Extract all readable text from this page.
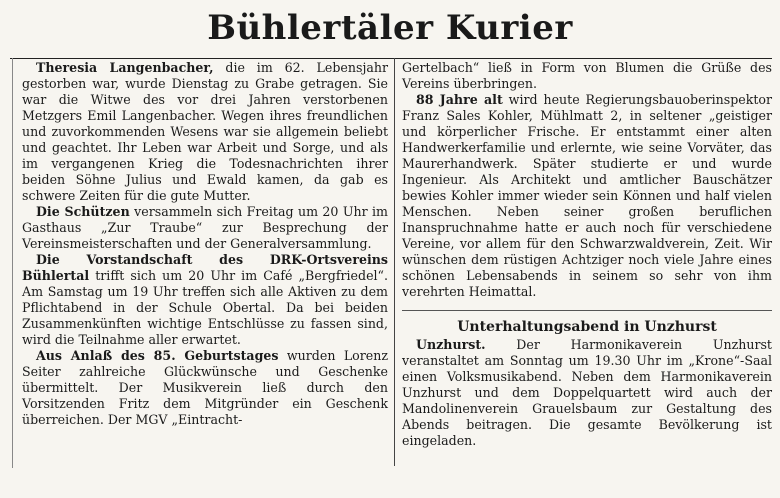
Bühlertäler Kurier

Theresia Langenbacher, die im 62. Lebensjahr gestorben war, wurde Dienstag zu Grabe getragen. Sie war die Witwe des vor drei Jahren verstorbenen Metzgers Emil Langenbacher. Wegen ihres freundlichen und zuvorkommenden Wesens war sie allgemein beliebt und geachtet. Ihr Leben war Arbeit und Sorge, und als im vergangenen Krieg die Todesnachrichten ihrer beiden Söhne Julius und Ewald kamen, da gab es schwere Zeiten für die gute Mutter.

Die Schützen versammeln sich Freitag um 20 Uhr im Gasthaus „Zur Traube“ zur Besprechung der Vereinsmeisterschaften und der Generalversammlung.

Die Vorstandschaft des DRK-Ortsvereins Bühlertal trifft sich um 20 Uhr im Café „Bergfriedel“. Am Samstag um 19 Uhr treffen sich alle Aktiven zu dem Pflichtabend in der Schule Obertal. Da bei beiden Zusammenkünften wichtige Entschlüsse zu fassen sind, wird die Teilnahme aller erwartet.

Aus Anlaß des 85. Geburtstages wurden Lorenz Seiter zahlreiche Glückwünsche und Geschenke übermittelt. Der Musikverein ließ durch den Vorsitzenden Fritz dem Mitgründer ein Geschenk überreichen. Der MGV „Eintracht-

Gertelbach“ ließ in Form von Blumen die Grüße des Vereins überbringen.

88 Jahre alt wird heute Regierungsbauoberinspektor Franz Sales Kohler, Mühlmatt 2, in seltener „geistiger und körperlicher Frische. Er entstammt einer alten Handwerkerfamilie und erlernte, wie seine Vorväter, das Maurerhandwerk. Später studierte er und wurde Ingenieur. Als Architekt und amtlicher Bauschätzer bewies Kohler immer wieder sein Können und half vielen Menschen. Neben seiner großen beruflichen Inanspruchnahme hatte er auch noch für verschiedene Vereine, vor allem für den Schwarzwaldverein, Zeit. Wir wünschen dem rüstigen Achtziger noch viele Jahre eines schönen Lebensabends in seinem so sehr von ihm verehrten Heimattal.

Unterhaltungsabend in Unzhurst

Unzhurst. Der Harmonikaverein Unzhurst veranstaltet am Sonntag um 19.30 Uhr im „Krone“-Saal einen Volksmusikabend. Neben dem Harmonikaverein Unzhurst und dem Doppelquartett wird auch der Mandolinenverein Grauelsbaum zur Gestaltung des Abends beitragen. Die gesamte Bevölkerung ist eingeladen.
